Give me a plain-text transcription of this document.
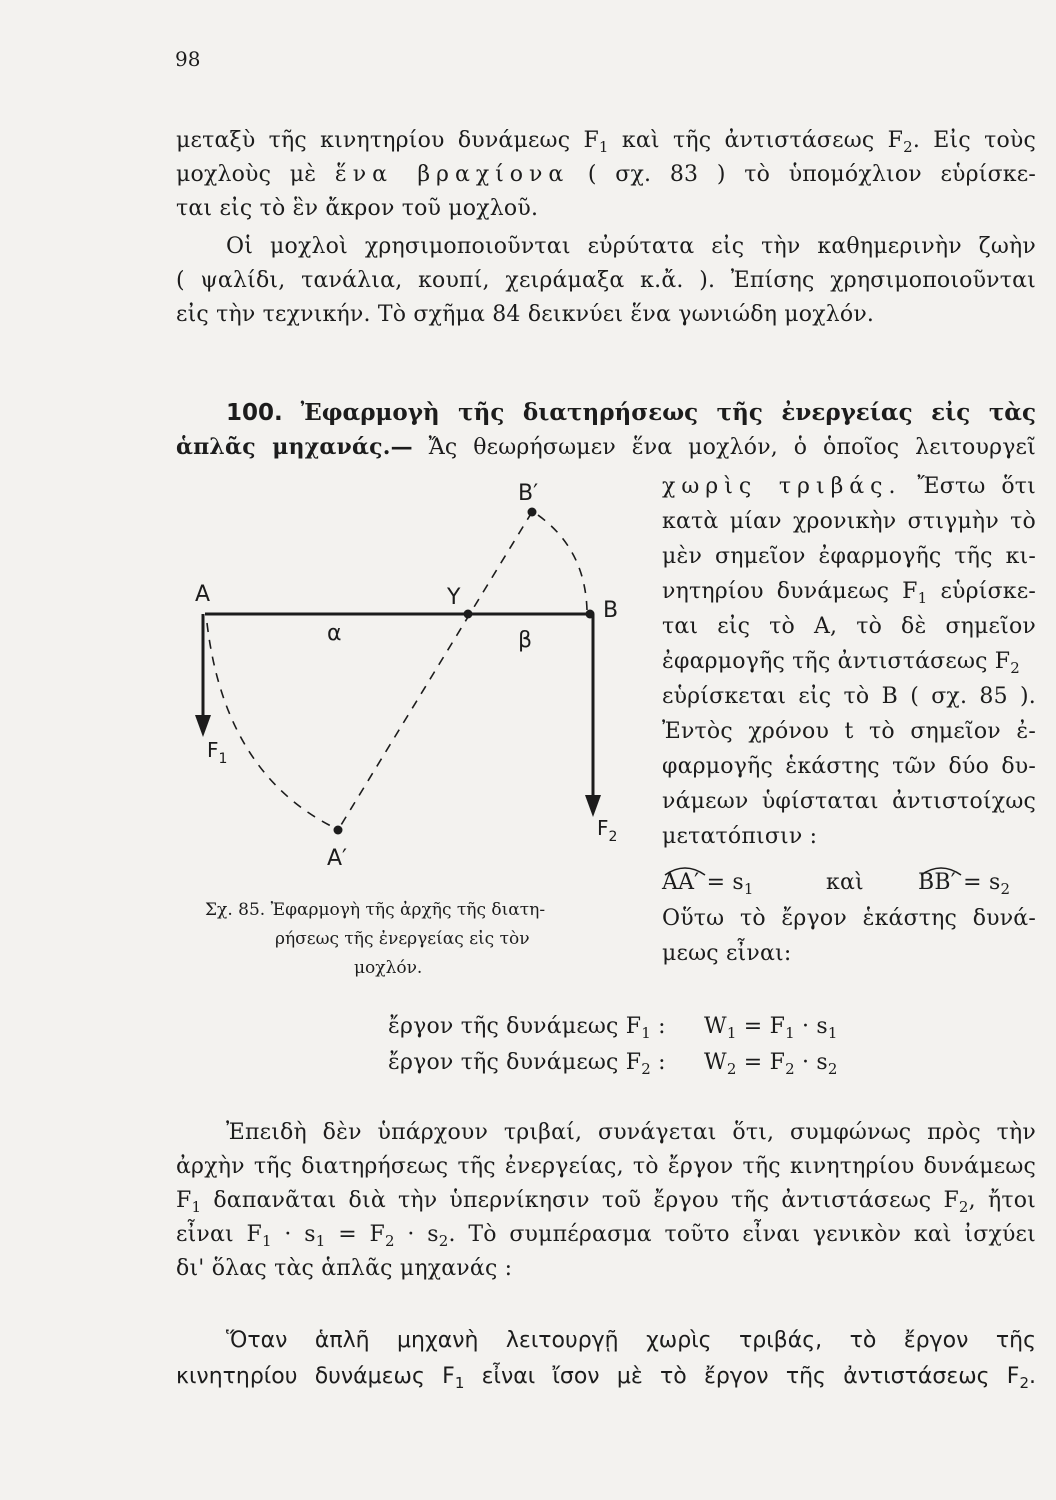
98
μεταξὺ τῆς κινητηρίου δυνάμεως $F_1$ καὶ τῆς ἀντιστάσεως $F_2$. Εἰς τοὺς
μοχλοὺς μὲ ἕνα βραχίονα ( σχ. 83 ) τὸ ὑπομόχλιον εὑρίσκε-
ται εἰς τὸ ἓν ἄκρον τοῦ μοχλοῦ.
Οἱ μοχλοὶ χρησιμοποιοῦνται εὐρύτατα εἰς τὴν καθημερινὴν ζωὴν
( ψαλίδι, τανάλια, κουπί, χειράμαξα κ.ἄ. ). Ἐπίσης χρησιμοποιοῦνται
εἰς τὴν τεχνικήν. Τὸ σχῆμα 84 δεικνύει ἕνα γωνιώδη μοχλόν.
100. Ἐφαρμογὴ τῆς διατηρήσεως τῆς ἐνεργείας εἰς τὰς
ἁπλᾶς μηχανάς.— Ἄς θεωρήσωμεν ἕνα μοχλόν, ὁ ὁποῖος λειτουργεῖ
A	Y
B
B′
A′
α	β
$F_1$
$F_2$
Σχ. 85. Ἐφαρμογὴ τῆς ἀρχῆς τῆς διατη-
ρήσεως τῆς ἐνεργείας εἰς τὸν
μοχλόν.
χωρὶς τριβάς. Ἔστω ὅτι
κατὰ μίαν χρονικὴν στιγμὴν τὸ
μὲν σημεῖον ἐφαρμογῆς τῆς κι-
νητηρίου δυνάμεως $F_1$ εὑρίσκε-
ται εἰς τὸ Α, τὸ δὲ σημεῖον
ἐφαρμογῆς τῆς ἀντιστάσεως $F_2$
εὑρίσκεται εἰς τὸ Β ( σχ. 85 ).
Ἐντὸς χρόνου t τὸ σημεῖον ἐ-
φαρμογῆς ἑκάστης τῶν δύο δυ-
νάμεων ὑφίσταται ἀντιστοίχως
μετατόπισιν :
$AA' = s_1$	καὶ $BB' = s_2$
Οὕτω τὸ ἔργον ἑκάστης δυνά-
μεως εἶναι:
ἔργον τῆς δυνάμεως $F_1$ : $W_1 = F_1 \cdot s_1$
ἔργον τῆς δυνάμεως $F_2$ : $W_2 = F_2 \cdot s_2$
Ἐπειδὴ δὲν ὑπάρχουν τριβαί, συνάγεται ὅτι, συμφώνως πρὸς τὴν
ἀρχὴν τῆς διατηρήσεως τῆς ἐνεργείας, τὸ ἔργον τῆς κινητηρίου δυνάμεως
$F_1$ δαπανᾶται διὰ τὴν ὑπερνίκησιν τοῦ ἔργου τῆς ἀντιστάσεως $F_2$, ἤτοι
εἶναι $F_1 \cdot s_1 = F_2 \cdot s_2$. Τὸ συμπέρασμα τοῦτο εἶναι γενικὸν καὶ ἰσχύει
δι' ὅλας τὰς ἁπλᾶς μηχανάς :
Ὅταν ἁπλῆ μηχανὴ λειτουργῇ χωρὶς τριβάς, τὸ ἔργον τῆς
κινητηρίου δυνάμεως $F_1$ εἶναι ἴσον μὲ τὸ ἔργον τῆς ἀντιστάσεως $F_2$.
